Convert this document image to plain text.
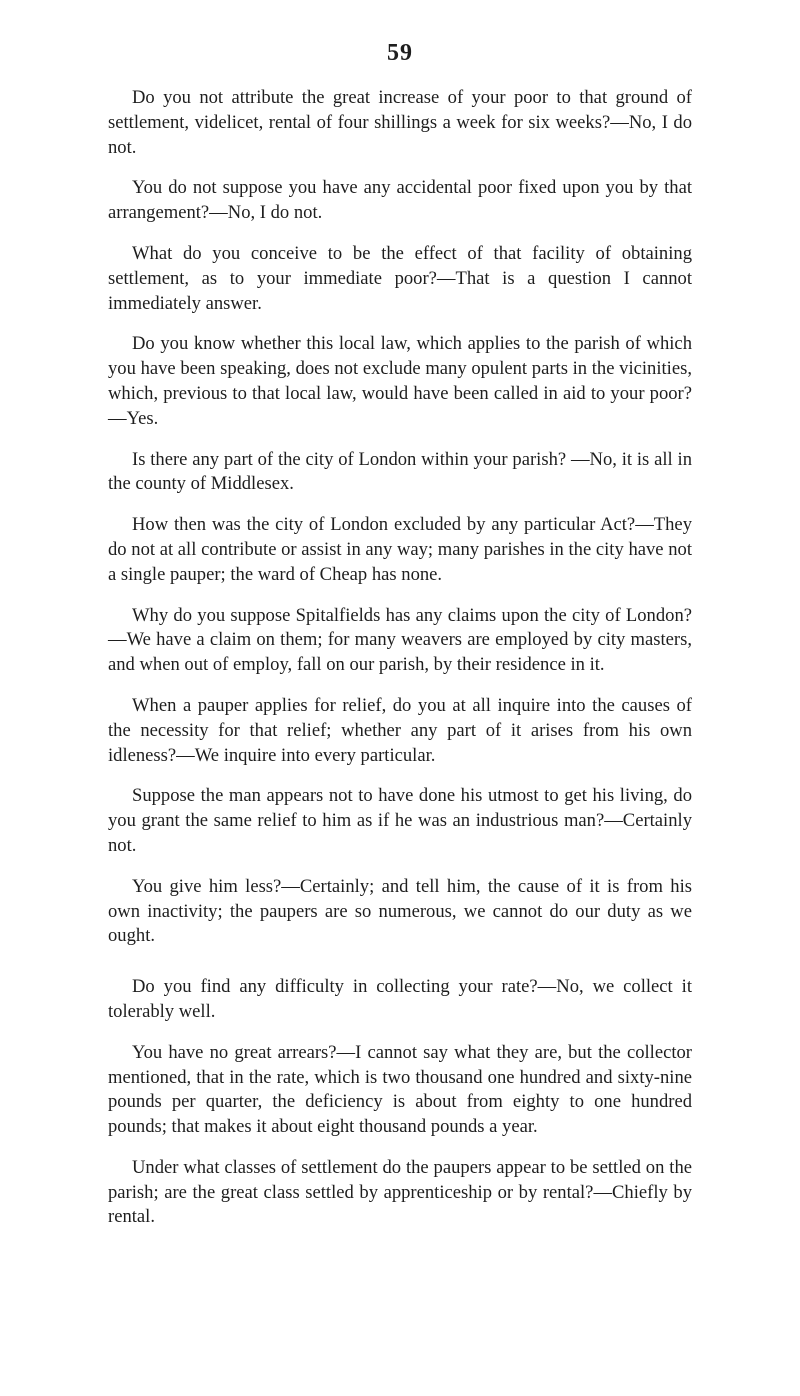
59

Do you not attribute the great increase of your poor to that ground of settlement, videlicet, rental of four shillings a week for six weeks?—No, I do not.

You do not suppose you have any accidental poor fixed upon you by that arrangement?—No, I do not.

What do you conceive to be the effect of that facility of obtaining settlement, as to your immediate poor?—That is a question I cannot immediately answer.

Do you know whether this local law, which applies to the parish of which you have been speaking, does not exclude many opulent parts in the vicinities, which, previous to that local law, would have been called in aid to your poor?—Yes.

Is there any part of the city of London within your parish? —No, it is all in the county of Middlesex.

How then was the city of London excluded by any particular Act?—They do not at all contribute or assist in any way; many parishes in the city have not a single pauper; the ward of Cheap has none.

Why do you suppose Spitalfields has any claims upon the city of London?—We have a claim on them; for many weavers are employed by city masters, and when out of employ, fall on our parish, by their residence in it.

When a pauper applies for relief, do you at all inquire into the causes of the necessity for that relief; whether any part of it arises from his own idleness?—We inquire into every particular.

Suppose the man appears not to have done his utmost to get his living, do you grant the same relief to him as if he was an industrious man?—Certainly not.

You give him less?—Certainly; and tell him, the cause of it is from his own inactivity; the paupers are so numerous, we cannot do our duty as we ought.

Do you find any difficulty in collecting your rate?—No, we collect it tolerably well.

You have no great arrears?—I cannot say what they are, but the collector mentioned, that in the rate, which is two thousand one hundred and sixty-nine pounds per quarter, the deficiency is about from eighty to one hundred pounds; that makes it about eight thousand pounds a year.

Under what classes of settlement do the paupers appear to be settled on the parish; are the great class settled by apprenticeship or by rental?—Chiefly by rental.
